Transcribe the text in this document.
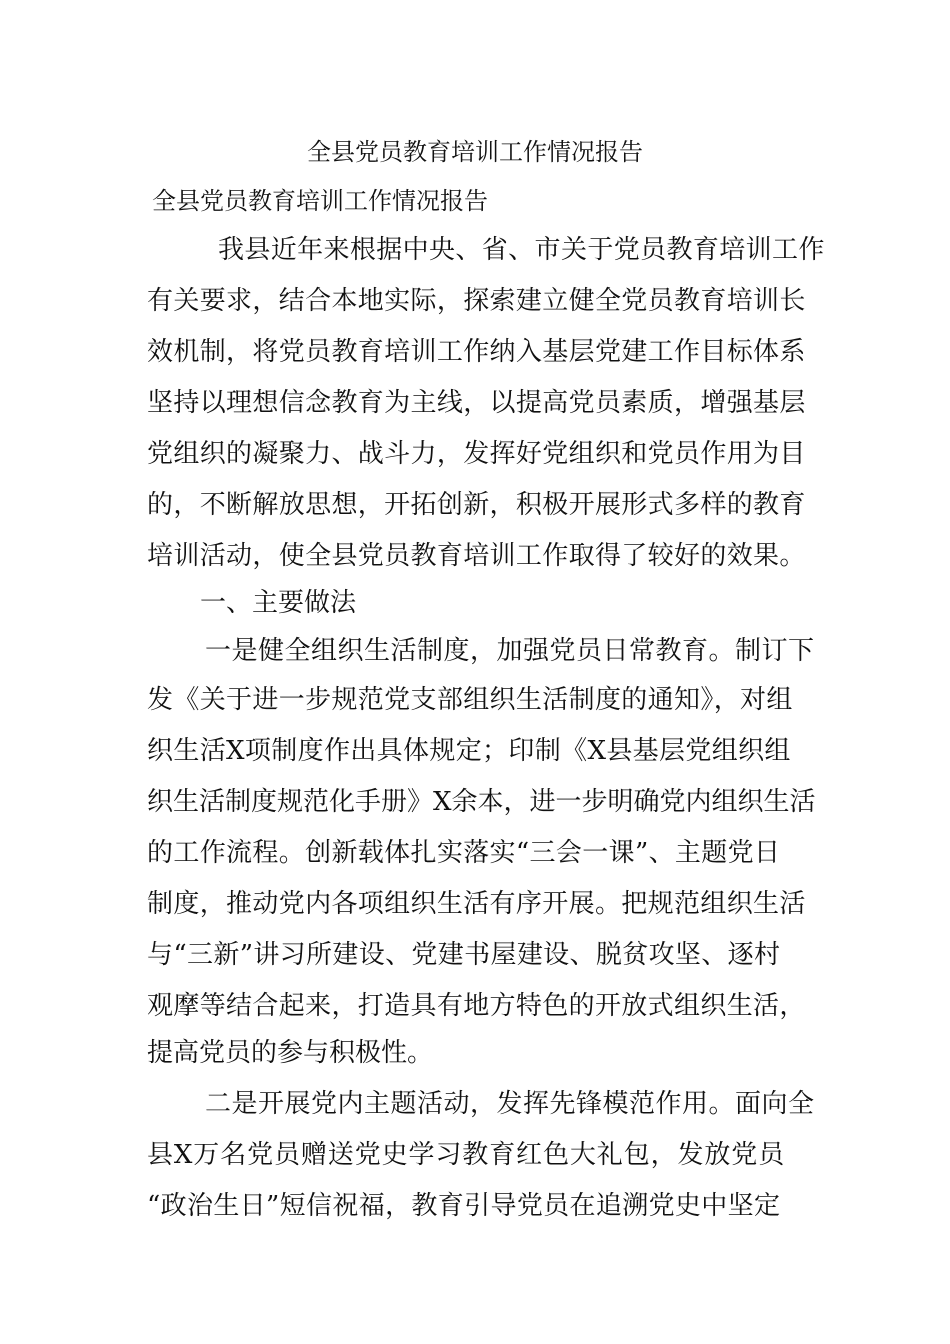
全县党员教育培训工作情况报告
全县党员教育培训工作情况报告
我县近年来根据中央、省、市关于党员教育培训工作
有关要求，结合本地实际，探索建立健全党员教育培训长
效机制，将党员教育培训工作纳入基层党建工作目标体系
坚持以理想信念教育为主线，以提高党员素质，增强基层
党组织的凝聚力、战斗力，发挥好党组织和党员作用为目
的，不断解放思想，开拓创新，积极开展形式多样的教育
培训活动，使全县党员教育培训工作取得了较好的效果。
一、主要做法
一是健全组织生活制度，加强党员日常教育。制订下
发《关于进一步规范党支部组织生活制度的通知》，对组
织生活X项制度作出具体规定；印制《X县基层党组织组
织生活制度规范化手册》X余本，进一步明确党内组织生活
的工作流程。创新载体扎实落实“三会一课”、主题党日
制度，推动党内各项组织生活有序开展。把规范组织生活
与“三新”讲习所建设、党建书屋建设、脱贫攻坚、逐村
观摩等结合起来，打造具有地方特色的开放式组织生活，
提高党员的参与积极性。
二是开展党内主题活动，发挥先锋模范作用。面向全
县X万名党员赠送党史学习教育红色大礼包，发放党员
“政治生日”短信祝福，教育引导党员在追溯党史中坚定
